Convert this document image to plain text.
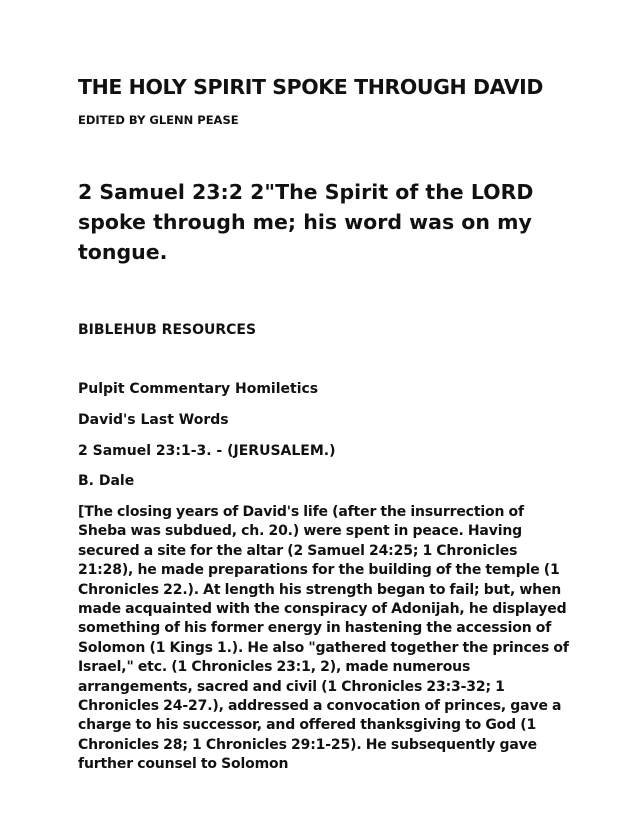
THE HOLY SPIRIT SPOKE THROUGH DAVID

EDITED BY GLENN PEASE

2 Samuel 23:2 2"The Spirit of the LORD spoke through me; his word was on my tongue.

BIBLEHUB RESOURCES

Pulpit Commentary Homiletics

David's Last Words

2 Samuel 23:1-3. - (JERUSALEM.)

B. Dale

[The closing years of David's life (after the insurrection of Sheba was subdued, ch. 20.) were spent in peace. Having secured a site for the altar (2 Samuel 24:25; 1 Chronicles 21:28), he made preparations for the building of the temple (1 Chronicles 22.). At length his strength began to fail; but, when made acquainted with the conspiracy of Adonijah, he displayed something of his former energy in hastening the accession of Solomon (1 Kings 1.). He also "gathered together the princes of Israel," etc. (1 Chronicles 23:1, 2), made numerous arrangements, sacred and civil (1 Chronicles 23:3-32; 1 Chronicles 24-27.), addressed a convocation of princes, gave a charge to his successor, and offered thanksgiving to God (1 Chronicles 28; 1 Chronicles 29:1-25). He subsequently gave further counsel to Solomon
